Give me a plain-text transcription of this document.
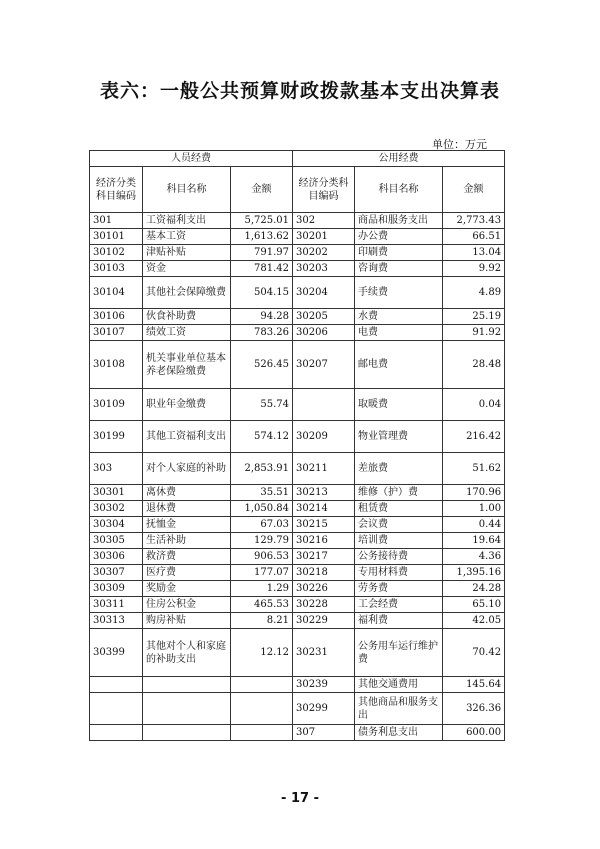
表六：一般公共预算财政拨款基本支出决算表
单位：万元
人员经费			公用经费		
经济分类科目编码	科目名称	金额	经济分类科目编码	科目名称	金额
301	工资福利支出	5,725.01	302	商品和服务支出	2,773.43
30101	基本工资	1,613.62	30201	办公费	66.51
30102	津贴补贴	791.97	30202	印刷费	13.04
30103	资金	781.42	30203	咨询费	9.92
30104	其他社会保障缴费	504.15	30204	手续费	4.89
30106	伙食补助费	94.28	30205	水费	25.19
30107	绩效工资	783.26	30206	电费	91.92
30108	机关事业单位基本养老保险缴费	526.45	30207	邮电费	28.48
30109	职业年金缴费	55.74		取暖费	0.04
30199	其他工资福利支出	574.12	30209	物业管理费	216.42
303	对个人家庭的补助	2,853.91	30211	差旅费	51.62
30301	离休费	35.51	30213	维修（护）费	170.96
30302	退休费	1,050.84	30214	租赁费	1.00
30304	抚恤金	67.03	30215	会议费	0.44
30305	生活补助	129.79	30216	培训费	19.64
30306	救济费	906.53	30217	公务接待费	4.36
30307	医疗费	177.07	30218	专用材料费	1,395.16
30309	奖励金	1.29	30226	劳务费	24.28
30311	住房公积金	465.53	30228	工会经费	65.10
30313	购房补贴	8.21	30229	福利费	42.05
30399	其他对个人和家庭的补助支出	12.12	30231	公务用车运行维护费	70.42
			30239	其他交通费用	145.64
			30299	其他商品和服务支出	326.36
			307	债务利息支出	600.00
- 17 -
